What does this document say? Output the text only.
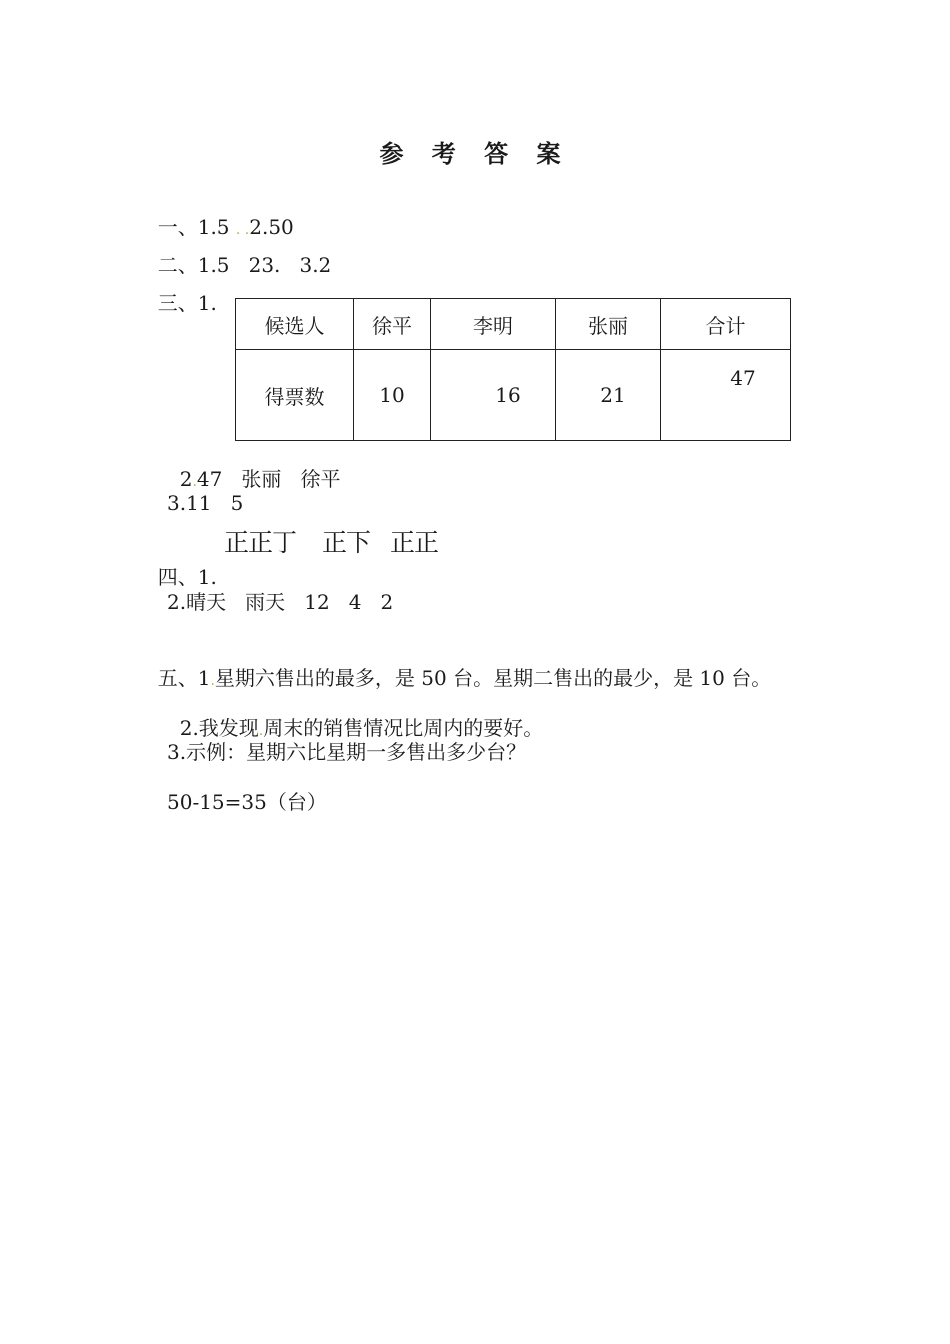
参 考 答 案

一、1.5 . .2.50

二、1.5   23.   3.2

三、1.

候选人	徐平	李明	张丽	合计
得票数	10	16	21	47

2.47   张丽   徐平

3.11   5

四、1.

正正丁 正下 正正
2.晴天   雨天   12   4   2

五、1.星期六售出的最多，是 50 台。星期二售出的最少，是 10 台。

2.我发现.周末的销售情况比周内的要好。

3.示例：星期六比星期一多售出多少台？
50-15=35（台）
